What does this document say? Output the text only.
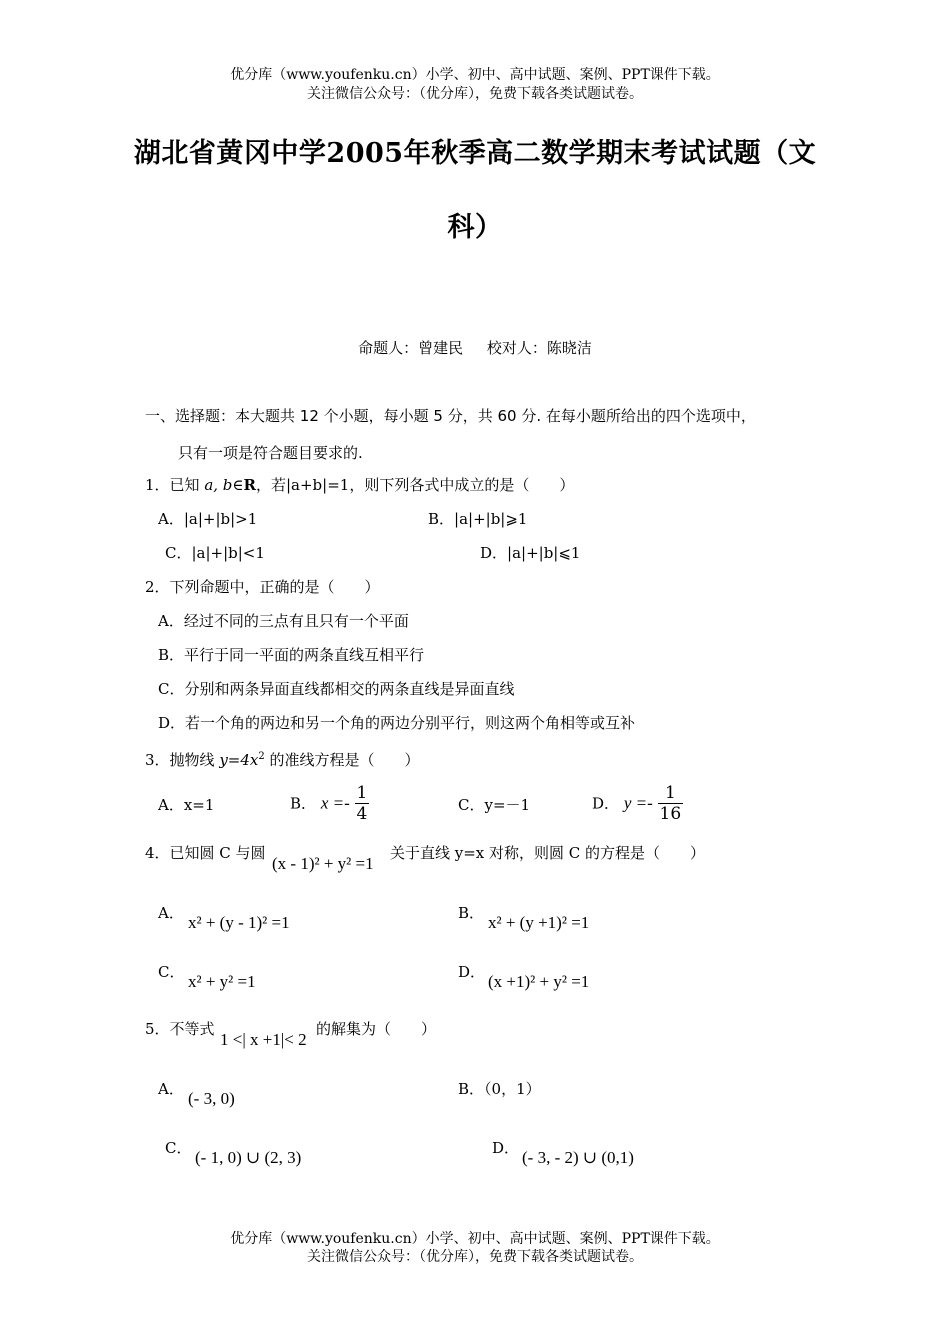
优分库（www.youfenku.cn）小学、初中、高中试题、案例、PPT课件下载。
关注微信公众号：（优分库），免费下载各类试题试卷。
湖北省黄冈中学2005年秋季高二数学期末考试试题（文
科）
命题人：曾建民     校对人：陈晓洁
一、选择题：本大题共 12 个小题，每小题 5 分，共 60 分. 在每小题所给出的四个选项中，
只有一项是符合题目要求的.
1．已知 a, b∈R，若|a+b|=1，则下列各式中成立的是（　　）
A．|a|+|b|>1	B．|a|+|b|⩾1
C．|a|+|b|<1	D．|a|+|b|⩽1
2．下列命题中，正确的是（　　）
A．经过不同的三点有且只有一个平面
B．平行于同一平面的两条直线互相平行
C．分别和两条异面直线都相交的两条直线是异面直线
D．若一个角的两边和另一个角的两边分别平行，则这两个角相等或互补
3．抛物线 $y=4x^2$ 的准线方程是（　　）
A．x=1	B． $x =- \frac{1}{4}$	C．y=－1	D． $y =- \frac{1}{16}$
4．已知圆 C 与圆
(x - 1)² + y² =1
关于直线 y=x 对称，则圆 C 的方程是（　　）
A． x² + (y - 1)² =1	B． x² + (y +1)² =1
C． x² + y² =1	D． (x +1)² + y² =1
5．不等式
1 <| x +1|< 2
的解集为（　　）
A． (- 3, 0)	B．（0，1）
C． (- 1, 0) ∪ (2, 3)	D． (- 3, - 2) ∪ (0,1)
优分库（www.youfenku.cn）小学、初中、高中试题、案例、PPT课件下载。
关注微信公众号：（优分库），免费下载各类试题试卷。
